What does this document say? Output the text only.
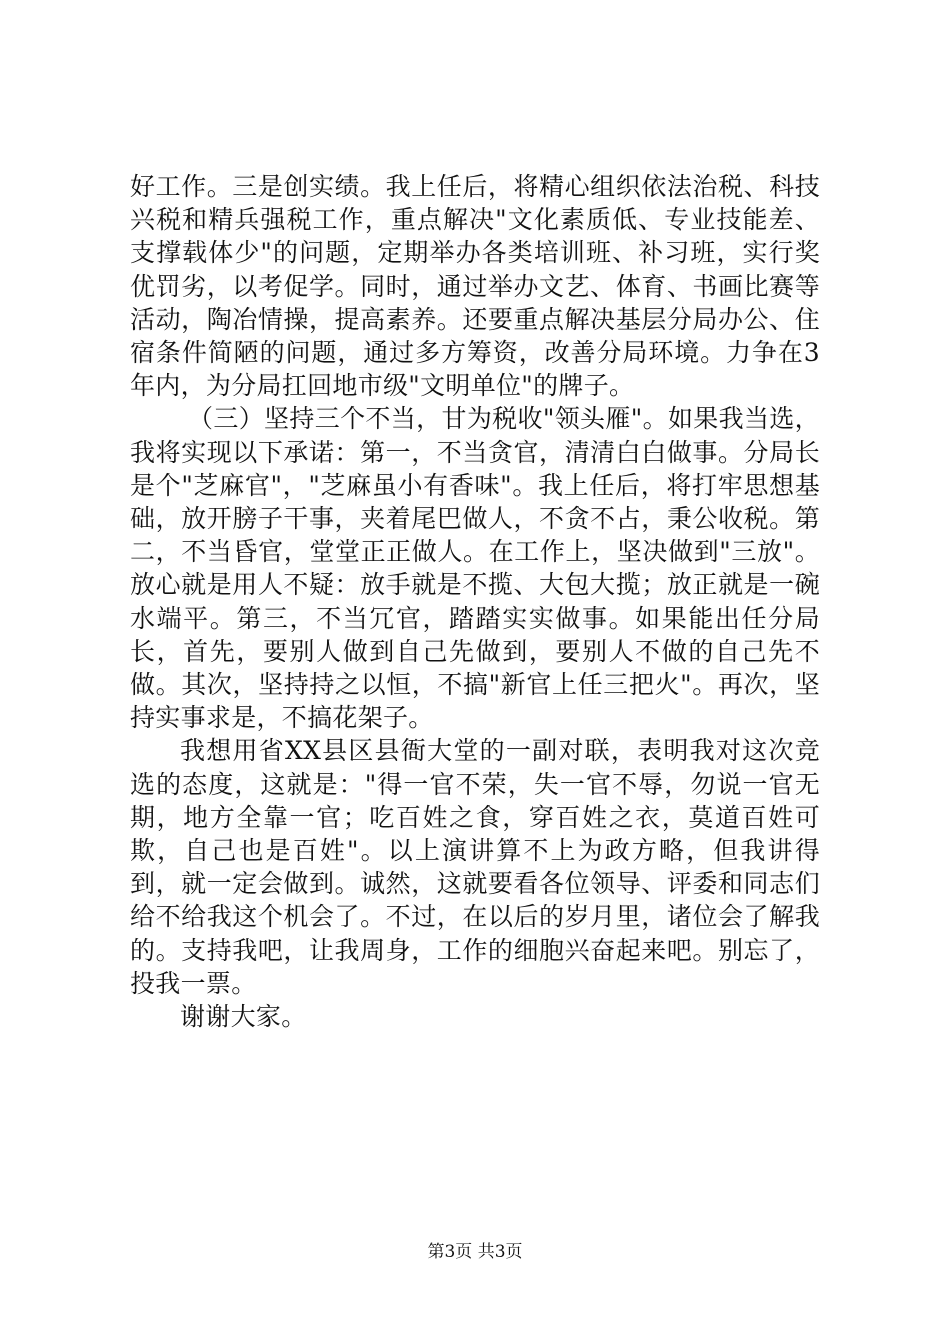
好工作。三是创实绩。我上任后，将精心组织依法治税、科技兴税和精兵强税工作，重点解决"文化素质低、专业技能差、支撑载体少"的问题，定期举办各类培训班、补习班，实行奖优罚劣，以考促学。同时，通过举办文艺、体育、书画比赛等活动，陶冶情操，提高素养。还要重点解决基层分局办公、住宿条件简陋的问题，通过多方筹资，改善分局环境。力争在3年内，为分局扛回地市级"文明单位"的牌子。

（三）坚持三个不当，甘为税收"领头雁"。如果我当选，我将实现以下承诺：第一，不当贪官，清清白白做事。分局长是个"芝麻官"，"芝麻虽小有香味"。我上任后，将打牢思想基础，放开膀子干事，夹着尾巴做人，不贪不占，秉公收税。第二，不当昏官，堂堂正正做人。在工作上，坚决做到"三放"。放心就是用人不疑：放手就是不揽、大包大揽；放正就是一碗水端平。第三，不当冗官，踏踏实实做事。如果能出任分局长，首先，要别人做到自己先做到，要别人不做的自己先不做。其次，坚持持之以恒，不搞"新官上任三把火"。再次，坚持实事求是，不搞花架子。

我想用省XX县区县衙大堂的一副对联，表明我对这次竞选的态度，这就是："得一官不荣，失一官不辱，勿说一官无期，地方全靠一官；吃百姓之食，穿百姓之衣，莫道百姓可欺，自己也是百姓"。以上演讲算不上为政方略，但我讲得到，就一定会做到。诚然，这就要看各位领导、评委和同志们给不给我这个机会了。不过，在以后的岁月里，诸位会了解我的。支持我吧，让我周身，工作的细胞兴奋起来吧。别忘了，投我一票。

谢谢大家。

第3页 共3页
